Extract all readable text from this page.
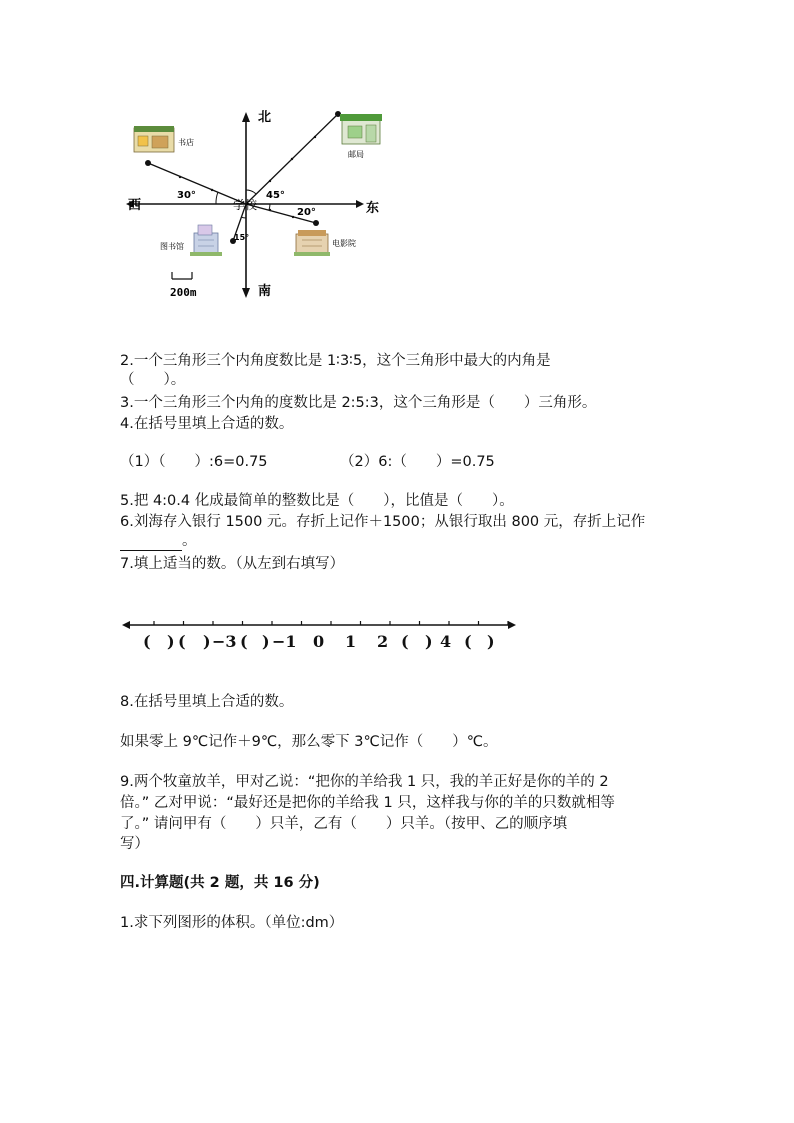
北
南
西	东
学校
书店
邮局
图书馆	电影院
30°	45°
20°
15°
200m
2.一个三角形三个内角度数比是 1∶3∶5，这个三角形中最大的内角是
（　　）。
3.一个三角形三个内角的度数比是 2:5:3，这个三角形是（　　）三角形。
4.在括号里填上合适的数。
（1）（　　）:6=0.75	（2）6:（　　）=0.75
5.把 4:0.4 化成最简单的整数比是（　　），比值是（　　）。
6.刘海存入银行 1500 元。存折上记作＋1500；从银行取出 800 元，存折上记作
。
7.填上适当的数。（从左到右填写）
( ) ( ) −3 ( ) −1 0 1 2 ( ) 4 ( )
8.在括号里填上合适的数。
如果零上 9℃记作＋9℃，那么零下 3℃记作（　　）℃。
9.两个牧童放羊，甲对乙说：“把你的羊给我 1 只，我的羊正好是你的羊的 2
倍。” 乙对甲说：“最好还是把你的羊给我 1 只，这样我与你的羊的只数就相等
了。” 请问甲有（　　）只羊，乙有（　　）只羊。（按甲、乙的顺序填
写）
四.计算题(共 2 题，共 16 分)
1.求下列图形的体积。（单位:dm）
